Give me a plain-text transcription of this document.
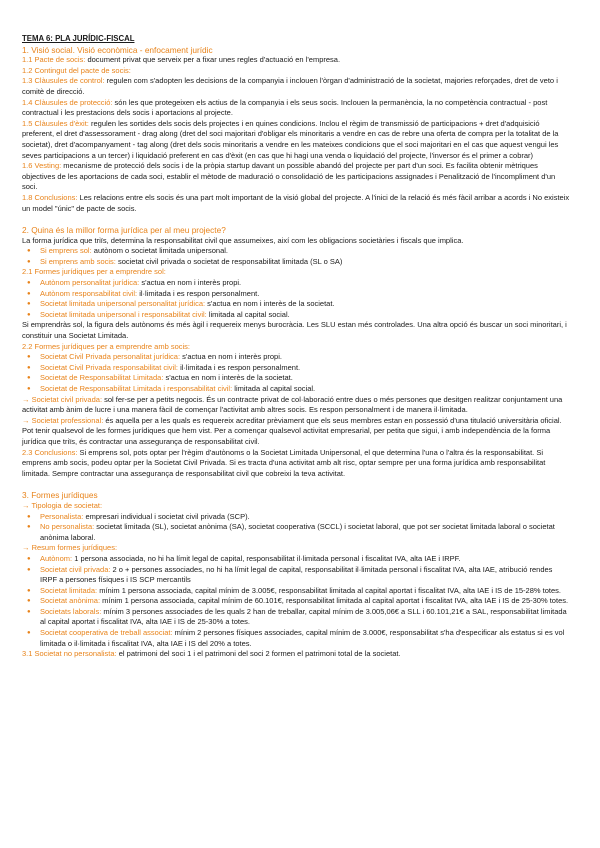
TEMA 6: PLA JURÍDIC-FISCAL
1. Visió social. Visió econòmica - enfocament jurídic

1.1 Pacte de socis: document privat que serveix per a fixar unes regles d'actuació en l'empresa.

1.2 Contingut del pacte de socis:

1.3 Clàusules de control: regulen com s'adopten les decisions de la companyia i inclouen l'òrgan d'administració de la societat, majories reforçades, dret de veto i comitè de direcció.

1.4 Clàusules de protecció: són les que protegeixen els actius de la companyia i els seus socis. Inclouen la permanència, la no competència contractual - post contractual i les prestacions dels socis i aportacions al projecte.

1.5 Clàusules d'èxit: regulen les sortides dels socis dels projectes i en quines condicions. Inclou el règim de transmissió de participacions + dret d'adquisició preferent, el dret d'assessorament - drag along (dret del soci majoritari d'obligar els minoritaris a vendre en cas de rebre una oferta de compra per la totalitat de la societat), dret d'acompanyament - tag along (dret dels socis minoritaris a vendre en les mateixes condicions que el soci majoritari en el cas que aquest vengui les seves participacions a un tercer) i liquidació preferent en cas d'èxit (en cas que hi hagi una venda o liquidació del projecte, l'inversor és el primer a cobrar)

1.6 Vesting: mecanisme de protecció dels socis i de la pròpia startup davant un possible abandó del projecte per part d'un soci. Es facilita obtenir mètriques objectives de les aportacions de cada soci, establir el mètode de maduració o consolidació de les participacions assignades i Penalització de l'incompliment d'un soci.

1.8 Conclusions: Les relacions entre els socis és una part molt important de la visió global del projecte. A l'inici de la relació és més fàcil arribar a acords i No existeix un model "únic" de pacte de socis.

2. Quina és la millor forma jurídica per al meu projecte?

La forma jurídica que triïs, determina la responsabilitat civil que assumeixes, així com les obligacions societàries i fiscals que implica.

● Si emprens sol: autònom o societat limitada unipersonal.
● Si emprens amb socis: societat civil privada o societat de responsabilitat limitada (SL o SA)
2.1 Formes jurídiques per a emprendre sol:
● Autònom personalitat jurídica: s'actua en nom i interès propi.
● Autònom responsabilitat civil: il·limitada i es respon personalment.
● Societat limitada unipersonal personalitat jurídica: s'actua en nom i interès de la societat.
● Societat limitada unipersonal i responsabilitat civil: limitada al capital social.

Si emprendràs sol, la figura dels autònoms és més àgil i requereix menys burocràcia. Les SLU estan més controlades. Una altra opció és buscar un soci minoritari, i constituir una Societat Limitada.

2.2 Formes jurídiques per a emprendre amb socis:
● Societat Civil Privada personalitat jurídica: s'actua en nom i interès propi.
● Societat Civil Privada responsabilitat civil: il·limitada i es respon personalment.
● Societat de Responsabilitat Limitada: s'actua en nom i interès de la societat.
● Societat de Responsabilitat Limitada i responsabilitat civil: limitada al capital social.

→ Societat civil privada: sol fer-se per a petits negocis. És un contracte privat de col·laboració entre dues o més persones que desitgen realitzar conjuntament una activitat amb ànim de lucre i una manera fàcil de començar l'activitat amb altres socis. Es respon personalment i de manera il·limitada.

→ Societat professional: és aquella per a les quals es requereix acreditar prèviament que els seus membres estan en possessió d'una titulació universitària oficial. Pot tenir qualsevol de les formes jurídiques que hem vist. Per a començar qualsevol activitat empresarial, per petita que sigui, i amb independència de la forma jurídica que triïs, és contractar una assegurança de responsabilitat civil.

2.3 Conclusions: Si emprens sol, pots optar per l'règim d'autònoms o la Societat Limitada Unipersonal, el que determina l'una o l'altra és la responsabilitat. Si emprens amb socis, podeu optar per la Societat Civil Privada. Si es tracta d'una activitat amb alt risc, optar sempre per una forma jurídica amb responsabilitat limitada. Sempre contractar una assegurança de responsabilitat civil que cobreixi la teva activitat.

3. Formes jurídiques
→ Tipologia de societat:
● Personalista: empresari individual i societat civil privada (SCP).
● No personalista: societat limitada (SL), societat anònima (SA), societat cooperativa (SCCL) i societat laboral, que pot ser societat limitada laboral o societat anònima laboral.
→ Resum formes jurídiques:
● Autònom: 1 persona associada, no hi ha límit legal de capital, responsabilitat il·limitada personal i fiscalitat IVA, alta IAE i IRPF.
● Societat civil privada: 2 o + persones associades, no hi ha límit legal de capital, responsabilitat il·limitada personal i fiscalitat IVA, alta IAE, atribució rendes IRPF a persones físiques i IS SCP mercantils
● Societat limitada: mínim 1 persona associada, capital mínim de 3.005€, responsabilitat limitada al capital aportat i fiscalitat IVA, alta IAE i IS de 15-28% totes.
● Societat anònima: mínim 1 persona associada, capital mínim de 60.101€, responsabilitat limitada al capital aportat i fiscalitat IVA, alta IAE i IS de 25-30% totes.
● Societats laborals: mínim 3 persones associades de les quals 2 han de treballar, capital mínim de 3.005,06€ a SLL i 60.101,21€ a SAL, responsabilitat limitada al capital aportat i fiscalitat IVA, alta IAE i IS de 25-30% a totes.
● Societat cooperativa de treball associat: mínim 2 persones físiques associades, capital mínim de 3.000€, responsabilitat s'ha d'especificar als estatus si es vol limitada o il·limitada i fiscalitat IVA, alta IAE i IS del 20% a totes.

3.1 Societat no personalista: el patrimoni del soci 1 i el patrimoni del soci 2 formen el patrimoni total de la societat.
